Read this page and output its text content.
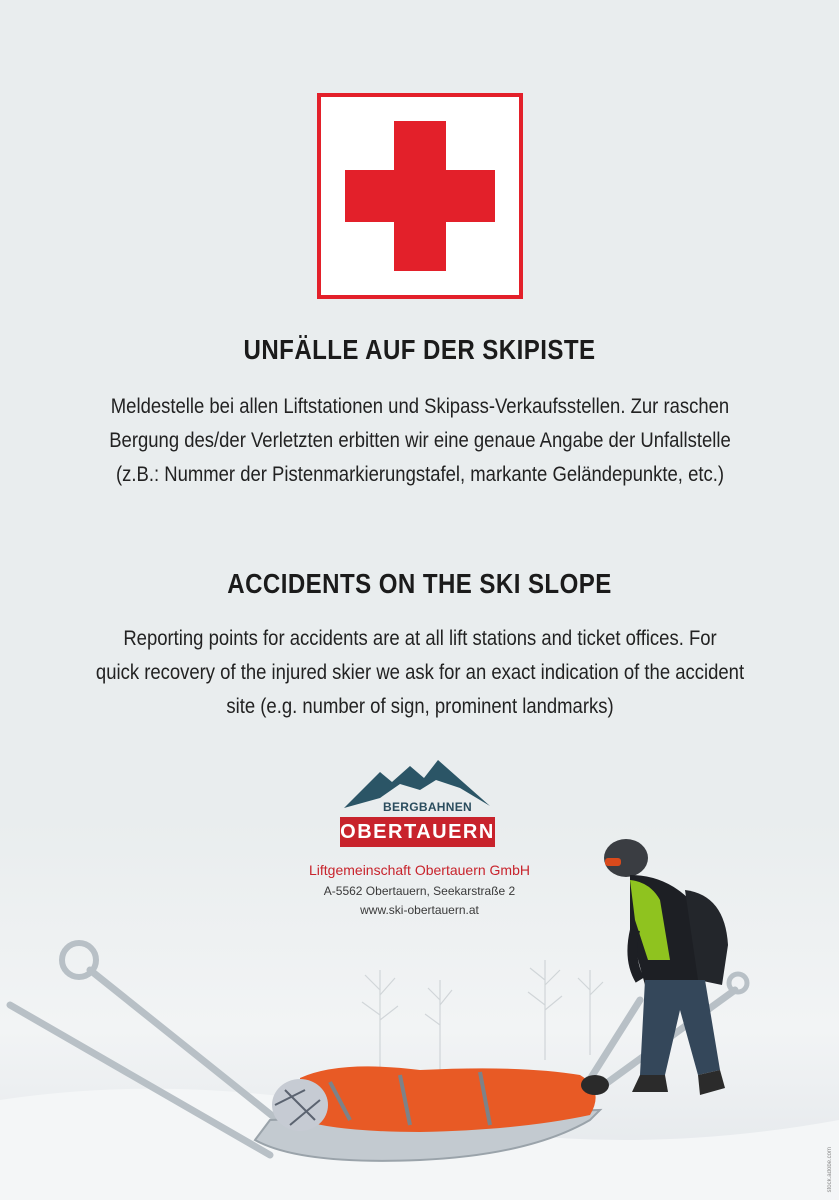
UNFÄLLE AUF DER SKIPISTE
Meldestelle bei allen Liftstationen und Skipass-Verkaufsstellen. Zur raschen
Bergung des/der Verletzten erbitten wir eine genaue Angabe der Unfallstelle
(z.B.: Nummer der Pistenmarkierungstafel, markante Geländepunkte, etc.)
ACCIDENTS ON THE SKI SLOPE
Reporting points for accidents are at all lift stations and ticket offices. For
quick recovery of the injured skier we ask for an exact indication of the accident
site (e.g. number of sign, prominent landmarks)
BERGBAHNEN
OBERTAUERN
Liftgemeinschaft Obertauern GmbH
A-5562 Obertauern, Seekarstraße 2
www.ski-obertauern.at
stock.adobe.com
